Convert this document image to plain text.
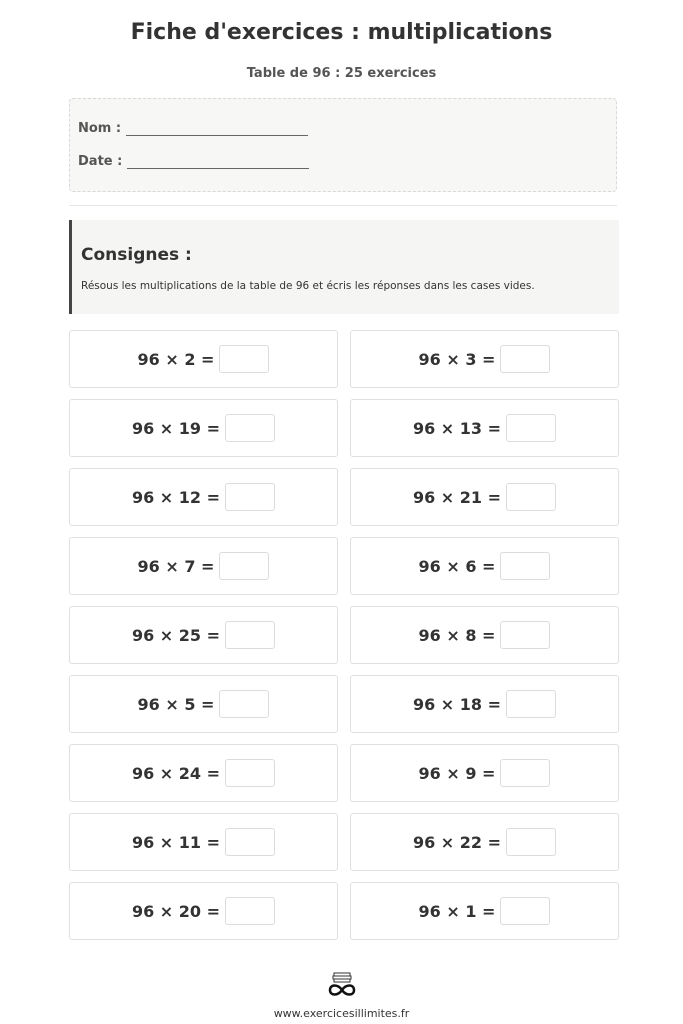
Fiche d'exercices : multiplications
Table de 96 : 25 exercices
Nom :
Date :
Consignes :

Résous les multiplications de la table de 96 et écris les réponses dans les cases vides.

96 × 2 =	96 × 3 =
96 × 19 =	96 × 13 =
96 × 12 =	96 × 21 =
96 × 7 =	96 × 6 =
96 × 25 =	96 × 8 =
96 × 5 =	96 × 18 =
96 × 24 =	96 × 9 =
96 × 11 =	96 × 22 =
96 × 20 =	96 × 1 =
www.exercicesillimites.fr
